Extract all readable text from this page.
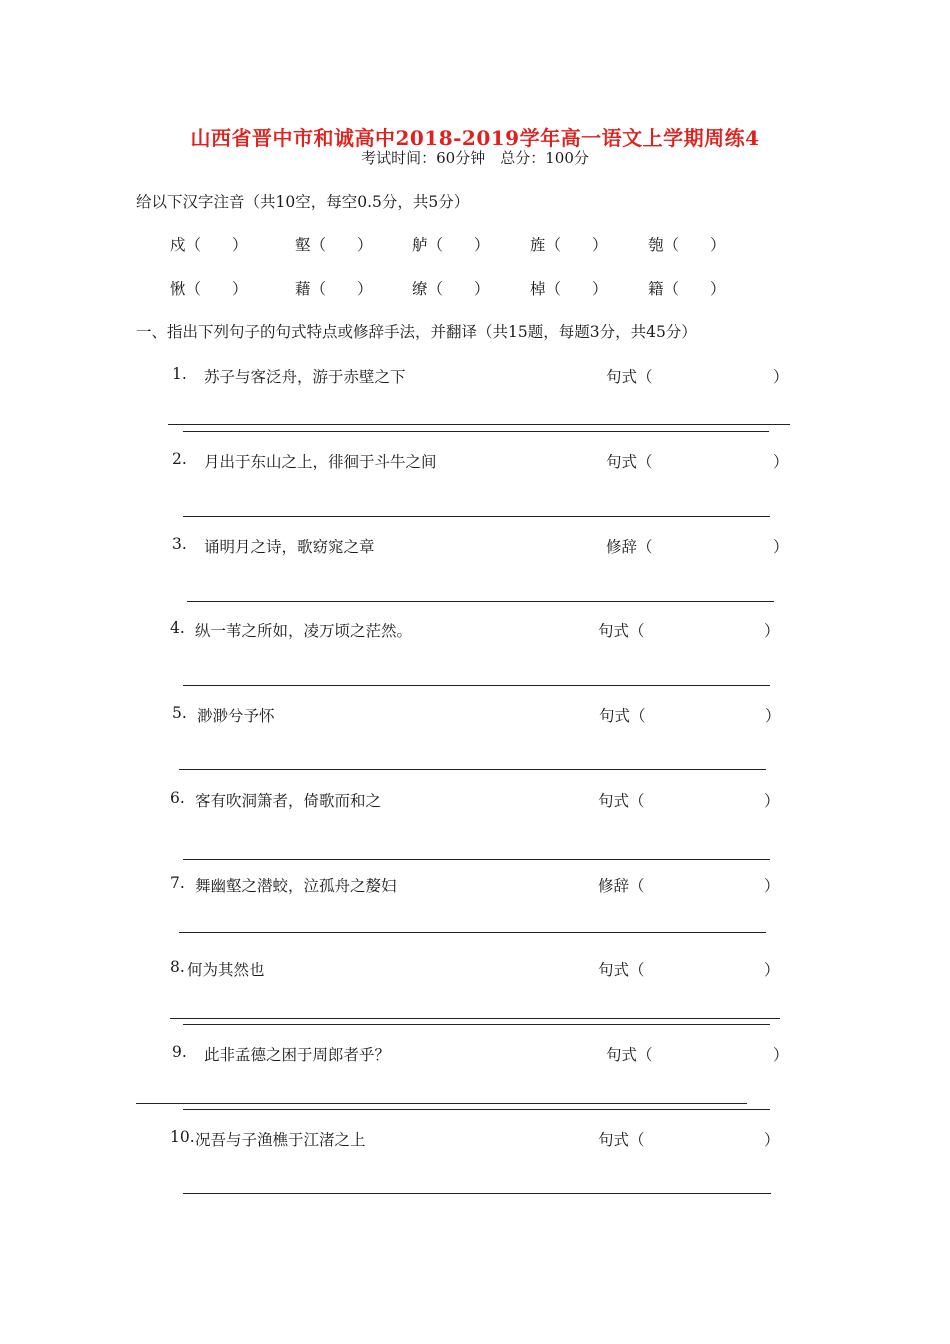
山西省晋中市和诚高中2018-2019学年高一语文上学期周练4
考试时间：60分钟　总分：100分
给以下汉字注音（共10空，每空0.5分，共5分）
戍（　　）	壑（　　）	舻（　　）	旌（　　）	匏（　　）
愀（　　）	藉（　　）	缭（　　）	棹（　　）	籍（　　）
一、指出下列句子的句式特点或修辞手法，并翻译（共15题，每题3分，共45分）
1. 苏子与客泛舟，游于赤壁之下	句式（	）
2. 月出于东山之上，徘徊于斗牛之间	句式（	）
3. 诵明月之诗，歌窈窕之章	修辞（	）
4. 纵一苇之所如，凌万顷之茫然。	句式（	）
5. 渺渺兮予怀	句式（	）
6. 客有吹洞箫者，倚歌而和之	句式（	）
7. 舞幽壑之潜蛟，泣孤舟之嫠妇	修辞（	）
8. 何为其然也	句式（	）
9. 此非孟德之困于周郎者乎？	句式（	）
10. 况吾与子渔樵于江渚之上	句式（	）
